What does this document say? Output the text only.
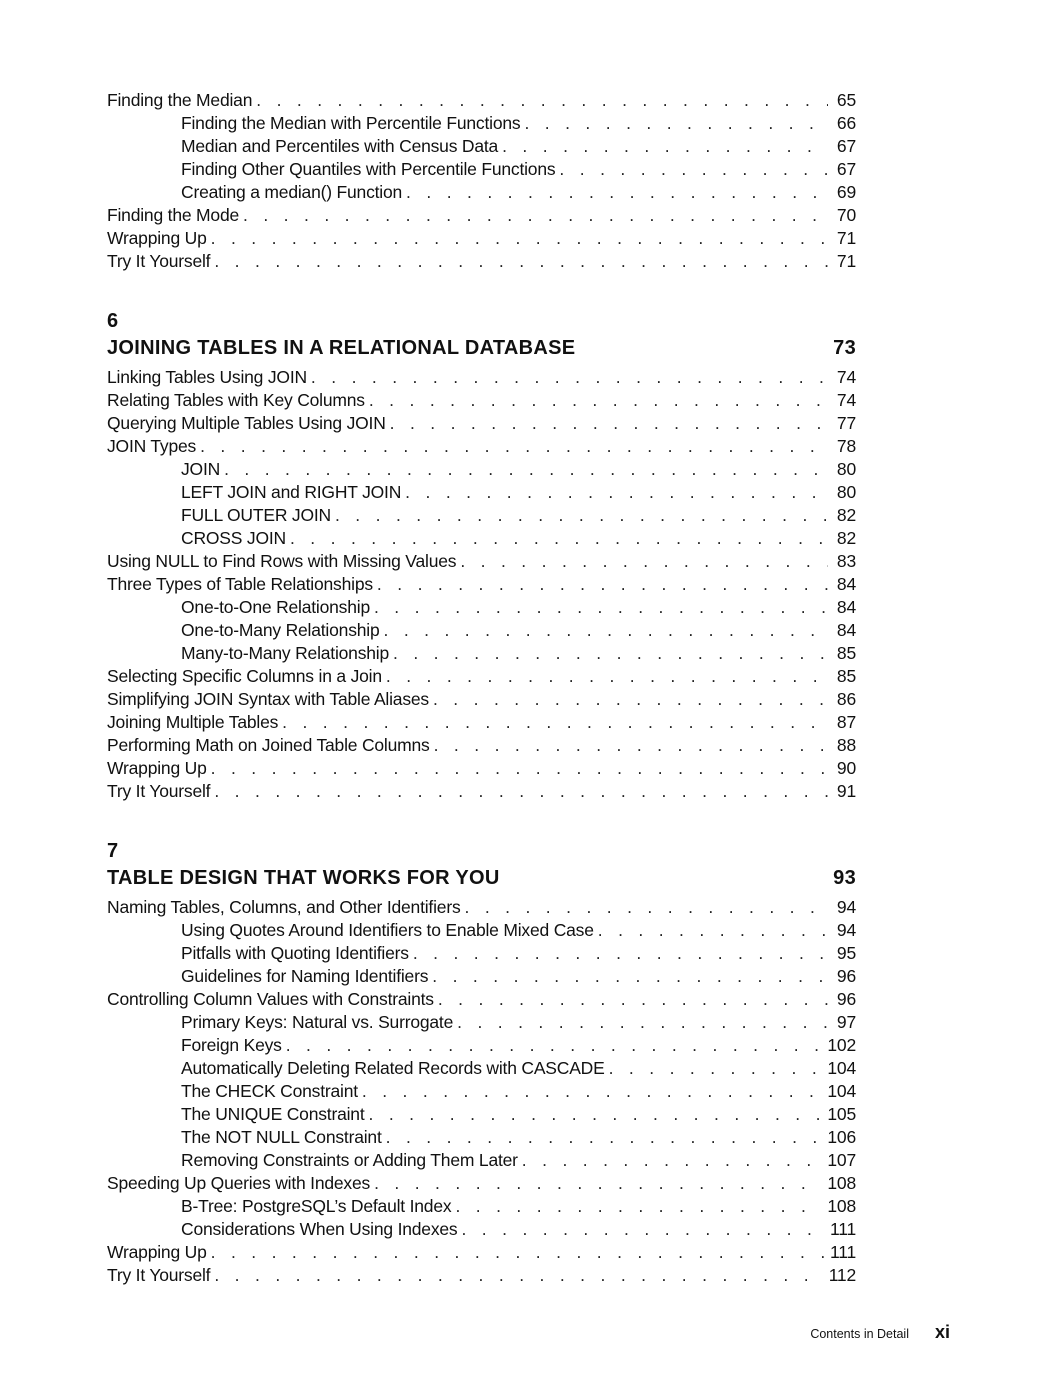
Finding the Median . . .	65
Finding the Median with Percentile Functions . . .	66
Median and Percentiles with Census Data . . .	67
Finding Other Quantiles with Percentile Functions . . .	67
Creating a median() Function . . .	69
Finding the Mode . . .	70
Wrapping Up . . .	71
Try It Yourself . . .	71
6
JOINING TABLES IN A RELATIONAL DATABASE	73
Linking Tables Using JOIN . . .	74
Relating Tables with Key Columns . . .	74
Querying Multiple Tables Using JOIN . . .	77
JOIN Types . . .	78
JOIN . . .	80
LEFT JOIN and RIGHT JOIN . . .	80
FULL OUTER JOIN . . .	82
CROSS JOIN . . .	82
Using NULL to Find Rows with Missing Values . . .	83
Three Types of Table Relationships . . .	84
One-to-One Relationship . . .	84
One-to-Many Relationship . . .	84
Many-to-Many Relationship . . .	85
Selecting Specific Columns in a Join . . .	85
Simplifying JOIN Syntax with Table Aliases . . .	86
Joining Multiple Tables . . .	87
Performing Math on Joined Table Columns . . .	88
Wrapping Up . . .	90
Try It Yourself . . .	91
7
TABLE DESIGN THAT WORKS FOR YOU	93
Naming Tables, Columns, and Other Identifiers . . .	94
Using Quotes Around Identifiers to Enable Mixed Case . . .	94
Pitfalls with Quoting Identifiers . . .	95
Guidelines for Naming Identifiers . . .	96
Controlling Column Values with Constraints . . .	96
Primary Keys: Natural vs. Surrogate . . .	97
Foreign Keys . . .	102
Automatically Deleting Related Records with CASCADE . . .	104
The CHECK Constraint . . .	104
The UNIQUE Constraint . . .	105
The NOT NULL Constraint . . .	106
Removing Constraints or Adding Them Later . . .	107
Speeding Up Queries with Indexes . . .	108
B-Tree: PostgreSQL’s Default Index . . .	108
Considerations When Using Indexes . . .	111
Wrapping Up . . .	111
Try It Yourself . . .	112
Contents in Detail xi
